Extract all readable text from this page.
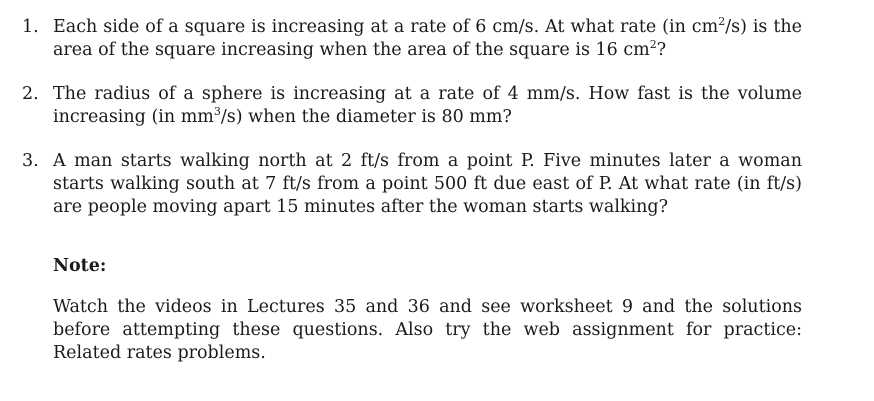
1. Each side of a square is increasing at a rate of 6 cm/s. At what rate (in $cm^2/s$) is the area of the square increasing when the area of the square is 16 $cm^2$?
2. The radius of a sphere is increasing at a rate of 4 mm/s. How fast is the volume increasing (in $mm^3/s$) when the diameter is 80 mm?
3. A man starts walking north at 2 ft/s from a point P. Five minutes later a woman starts walking south at 7 ft/s from a point 500 ft due east of P. At what rate (in ft/s) are people moving apart 15 minutes after the woman starts walking?
Note:
Watch the videos in Lectures 35 and 36 and see worksheet 9 and the solutions before attempting these questions. Also try the web assignment for practice: Related rates problems.
